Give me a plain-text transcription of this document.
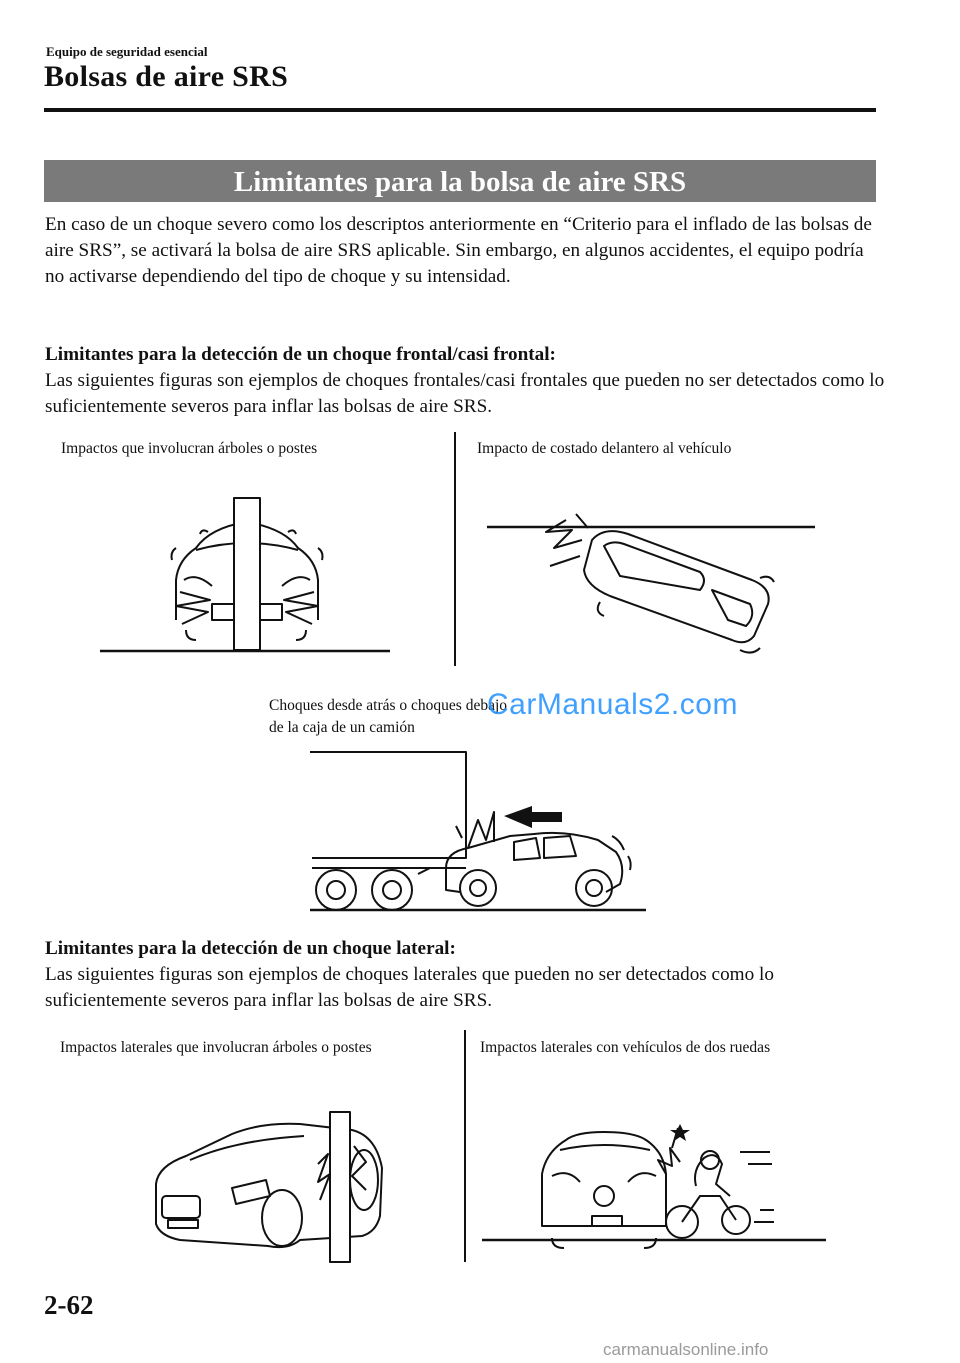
Equipo de seguridad esencial
Bolsas de aire SRS
Limitantes para la bolsa de aire SRS
En caso de un choque severo como los descriptos anteriormente en “Criterio para el inflado de las bolsas de aire SRS”, se activará la bolsa de aire SRS aplicable. Sin embargo, en algunos accidentes, el equipo podría no activarse dependiendo del tipo de choque y su intensidad.
Limitantes para la detección de un choque frontal/casi frontal:
Las siguientes figuras son ejemplos de choques frontales/casi frontales que pueden no ser detectados como lo suficientemente severos para inflar las bolsas de aire SRS.
Impactos que involucran árboles o postes	Impacto de costado delantero al vehículo
Choques desde atrás o choques debajo de la caja de un camión
CarManuals2.com
Limitantes para la detección de un choque lateral:
Las siguientes figuras son ejemplos de choques laterales que pueden no ser detectados como lo suficientemente severos para inflar las bolsas de aire SRS.
Impactos laterales que involucran árboles o postes	Impactos laterales con vehículos de dos ruedas
2-62
carmanualsonline.info
